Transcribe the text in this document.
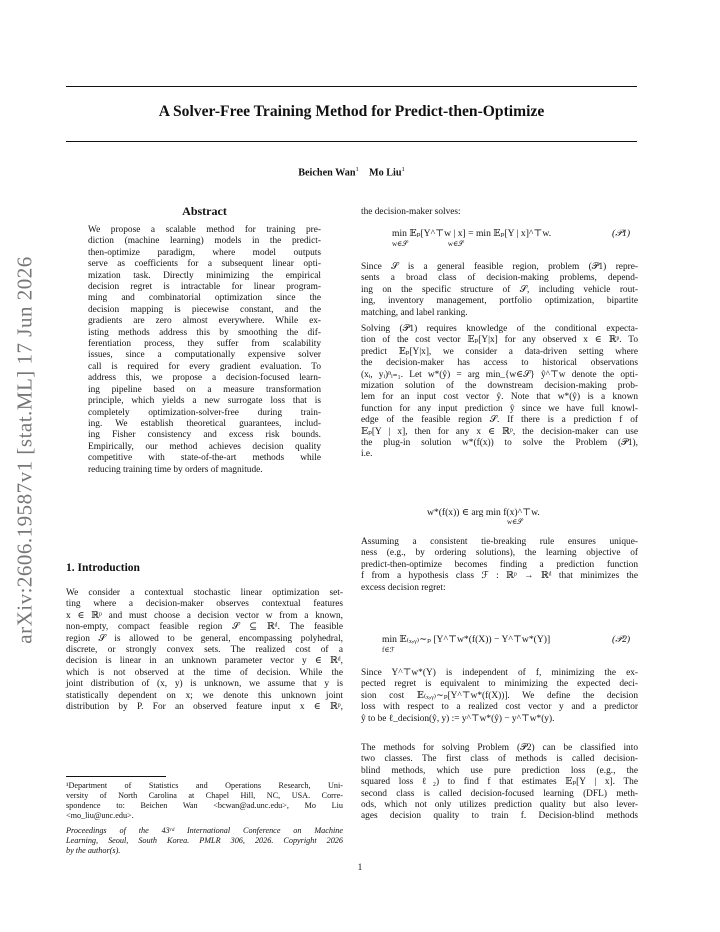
arXiv:2606.19587v1 [stat.ML] 17 Jun 2026
A Solver-Free Training Method for Predict-then-Optimize
Beichen Wan$^1$ Mo Liu$^1$
Abstract
We propose a scalable method for training pre-
diction (machine learning) models in the predict-
then-optimize paradigm, where model outputs
serve as coefficients for a subsequent linear opti-
mization task. Directly minimizing the empirical
decision regret is intractable for linear program-
ming and combinatorial optimization since the
decision mapping is piecewise constant, and the
gradients are zero almost everywhere. While ex-
isting methods address this by smoothing the dif-
ferentiation process, they suffer from scalability
issues, since a computationally expensive solver
call is required for every gradient evaluation. To
address this, we propose a decision-focused learn-
ing pipeline based on a measure transformation
principle, which yields a new surrogate loss that is
completely optimization-solver-free during train-
ing. We establish theoretical guarantees, includ-
ing Fisher consistency and excess risk bounds.
Empirically, our method achieves decision quality
competitive with state-of-the-art methods while
reducing training time by orders of magnitude.
1. Introduction
We consider a contextual stochastic linear optimization set-
ting where a decision-maker observes contextual features
x ∈ ℝᵖ and must choose a decision vector w from a known,
non-empty, compact feasible region 𝒮 ⊆ ℝᵈ. The feasible
region 𝒮 is allowed to be general, encompassing polyhedral,
discrete, or strongly convex sets. The realized cost of a
decision is linear in an unknown parameter vector y ∈ ℝᵈ,
which is not observed at the time of decision. While the
joint distribution of (x, y) is unknown, we assume that y is
statistically dependent on x; we denote this unknown joint
distribution by P. For an observed feature input x ∈ ℝᵖ,
¹Department of Statistics and Operations Research, Uni-
versity of North Carolina at Chapel Hill, NC, USA. Corre-
spondence to: Beichen Wan <bcwan@ad.unc.edu>, Mo Liu
<mo_liu@unc.edu>.
Proceedings of the 43ʳᵈ International Conference on Machine
Learning, Seoul, South Korea. PMLR 306, 2026. Copyright 2026
by the author(s).

the decision-maker solves:

min 𝔼ₚ[Y^⊤w | x] = min 𝔼ₚ[Y | x]^⊤w.
w∈𝒮                       w∈𝒮
(𝒫1)
Since 𝒮 is a general feasible region, problem (𝒫1) repre-
sents a broad class of decision-making problems, depend-
ing on the specific structure of 𝒮, including vehicle rout-
ing, inventory management, portfolio optimization, bipartite
matching, and label ranking.
Solving (𝒫1) requires knowledge of the conditional expecta-
tion of the cost vector 𝔼ₚ[Y|x] for any observed x ∈ ℝᵖ. To
predict 𝔼ₚ[Y|x], we consider a data-driven setting where
the decision-maker has access to historical observations
(xᵢ, yᵢ)ⁿᵢ₌₁. Let w*(ŷ) = arg min_{w∈𝒮} ŷ^⊤w denote the opti-
mization solution of the downstream decision-making prob-
lem for an input cost vector ŷ. Note that w*(ŷ) is a known
function for any input prediction ŷ since we have full knowl-
edge of the feasible region 𝒮. If there is a prediction f of
𝔼ₚ[Y | x], then for any x ∈ ℝᵖ, the decision-maker can use
the plug-in solution w*(f(x)) to solve the Problem (𝒫1),
i.e.
w*(f(x)) ∈ arg min f(x)^⊤w.
w∈𝒮
Assuming a consistent tie-breaking rule ensures unique-
ness (e.g., by ordering solutions), the learning objective of
predict-then-optimize becomes finding a prediction function
f from a hypothesis class ℱ : ℝᵖ → ℝᵈ that minimizes the
excess decision regret:
min 𝔼₍ₓ,ᵧ₎∼ₚ [Y^⊤w*(f(X)) − Y^⊤w*(Y)]
f∈ℱ
(𝒫2)
Since Y^⊤w*(Y) is independent of f, minimizing the ex-
pected regret is equivalent to minimizing the expected deci-
sion cost 𝔼₍ₓ,ᵧ₎∼ₚ[Y^⊤w*(f(X))]. We define the decision
loss with respect to a realized cost vector y and a predictor
ŷ to be ℓ_decision(ŷ, y) := y^⊤w*(ŷ) − y^⊤w*(y).
The methods for solving Problem (𝒫2) can be classified into
two classes. The first class of methods is called decision-
blind methods, which use pure prediction loss (e.g., the
squared loss ℓ₂) to find f that estimates 𝔼ₚ[Y | x]. The
second class is called decision-focused learning (DFL) meth-
ods, which not only utilizes prediction quality but also lever-
ages decision quality to train f. Decision-blind methods
1
